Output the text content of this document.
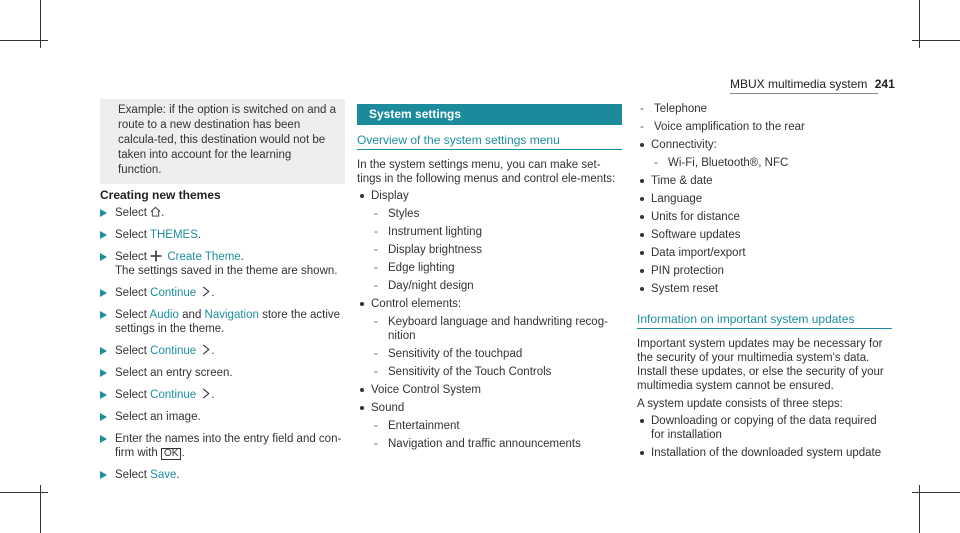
MBUX multimedia system 241
Example: if the option is switched on and a route to a new destination has been calcula-ted, this destination would not be taken into account for the learning function.
Creating new themes
Select .
Select THEMES.
Select Create Theme.
The settings saved in the theme are shown.
Select Continue .
Select Audio and Navigation store the active settings in the theme.
Select Continue .
Select an entry screen.
Select Continue .
Select an image.
Enter the names into the entry field and con-firm with OK .
Select Save.
System settings
Overview of the system settings menu
In the system settings menu, you can make set-tings in the following menus and control ele-ments:
Display
- Styles
- Instrument lighting
- Display brightness
- Edge lighting
- Day/night design
Control elements:
- Keyboard language and handwriting recog-nition
- Sensitivity of the touchpad
- Sensitivity of the Touch Controls
Voice Control System
Sound
- Entertainment
- Navigation and traffic announcements
- Telephone
- Voice amplification to the rear
Connectivity:
- Wi-Fi, Bluetooth®, NFC
Time & date
Language
Units for distance
Software updates
Data import/export
PIN protection
System reset
Information on important system updates
Important system updates may be necessary for the security of your multimedia system's data. Install these updates, or else the security of your multimedia system cannot be ensured.
A system update consists of three steps:
Downloading or copying of the data required for installation
Installation of the downloaded system update
